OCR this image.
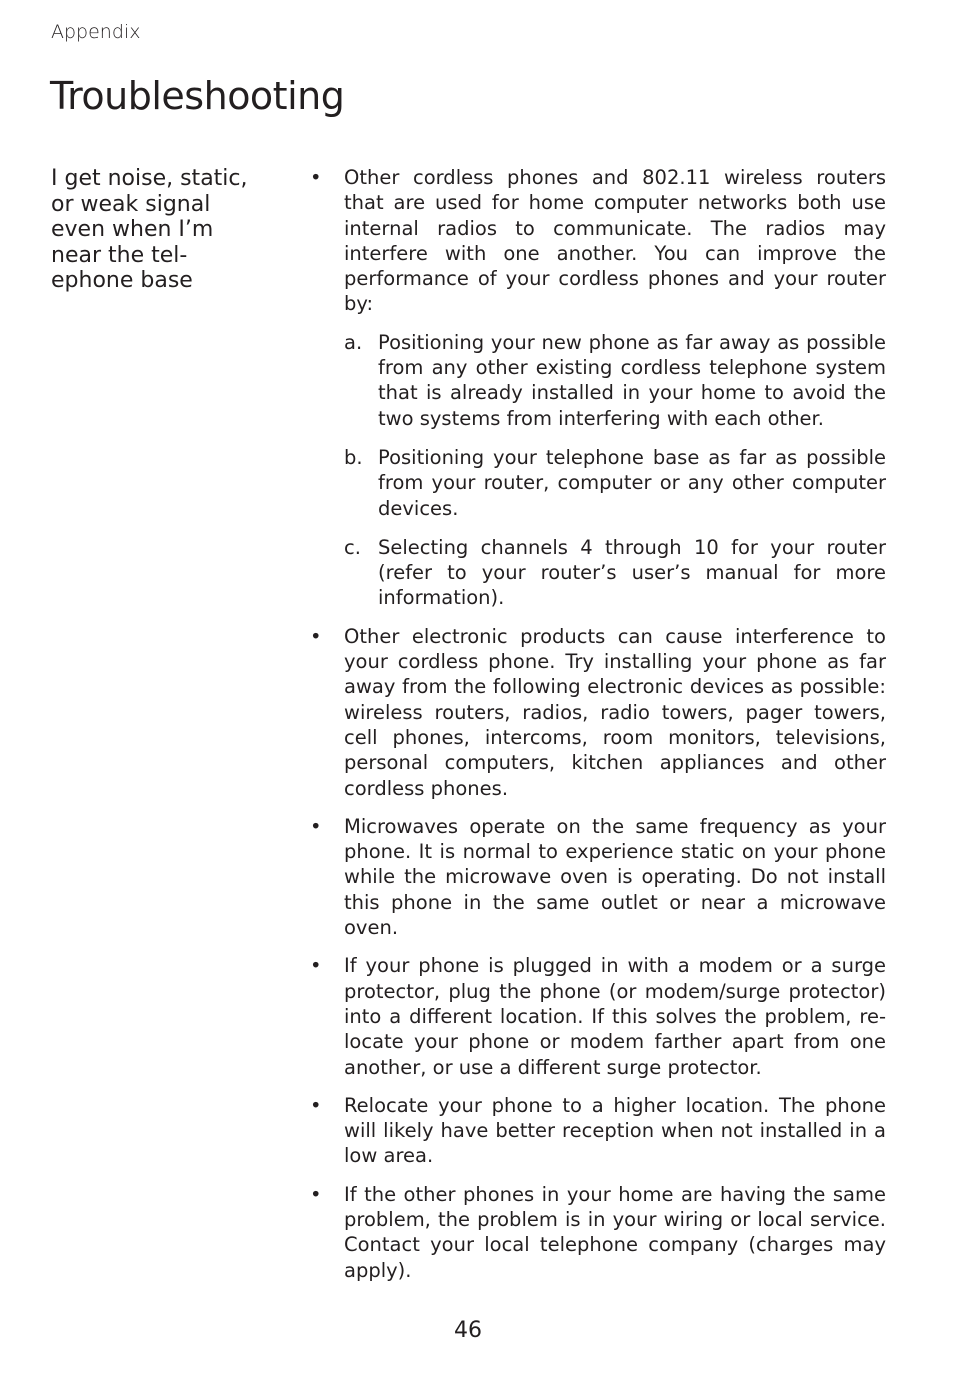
Appendix
Troubleshooting
I get noise, static,
or weak signal
even when I’m
near the tel-
ephone base
• Other cordless phones and 802.11 wireless routers that are used for home computer networks both use internal radios to communicate. The radios may interfere with one another. You can improve the performance of your cordless phones and your router by:
a. Positioning your new phone as far away as possible from any other existing cordless telephone system that is already installed in your home to avoid the two systems from interfering with each other.
b. Positioning your telephone base as far as possible from your router, computer or any other computer devices.
c. Selecting channels 4 through 10 for your router (refer to your router’s user’s manual for more information).
• Other electronic products can cause interference to your cordless phone. Try installing your phone as far away from the following electronic devices as possible: wireless routers, radios, radio towers, pager towers, cell phones, intercoms, room monitors, televisions, personal computers, kitchen appliances and other cordless phones.
• Microwaves operate on the same frequency as your phone. It is normal to experience static on your phone while the microwave oven is operating. Do not install this phone in the same outlet or near a microwave oven.
• If your phone is plugged in with a modem or a surge protector, plug the phone (or modem/surge protector) into a different location. If this solves the problem, re-locate your phone or modem farther apart from one another, or use a different surge protector.
• Relocate your phone to a higher location. The phone will likely have better reception when not installed in a low area.
• If the other phones in your home are having the same problem, the problem is in your wiring or local service. Contact your local telephone company (charges may apply).
46
